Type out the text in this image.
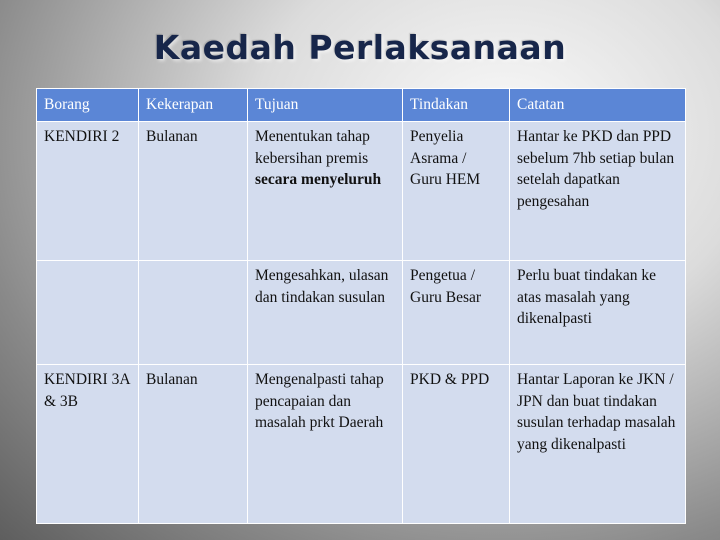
Kaedah Perlaksanaan
Borang	Kekerapan	Tujuan	Tindakan	Catatan
KENDIRI 2	Bulanan	Menentukan tahap kebersihan premis secara menyeluruh	Penyelia Asrama / Guru HEM	Hantar ke PKD dan PPD sebelum 7hb setiap bulan setelah dapatkan pengesahan
		Mengesahkan, ulasan dan tindakan susulan	Pengetua / Guru Besar	Perlu buat tindakan ke atas masalah yang dikenalpasti
KENDIRI 3A & 3B	Bulanan	Mengenalpasti tahap pencapaian dan masalah prkt Daerah	PKD & PPD	Hantar Laporan ke JKN / JPN dan buat tindakan susulan terhadap masalah yang dikenalpasti
